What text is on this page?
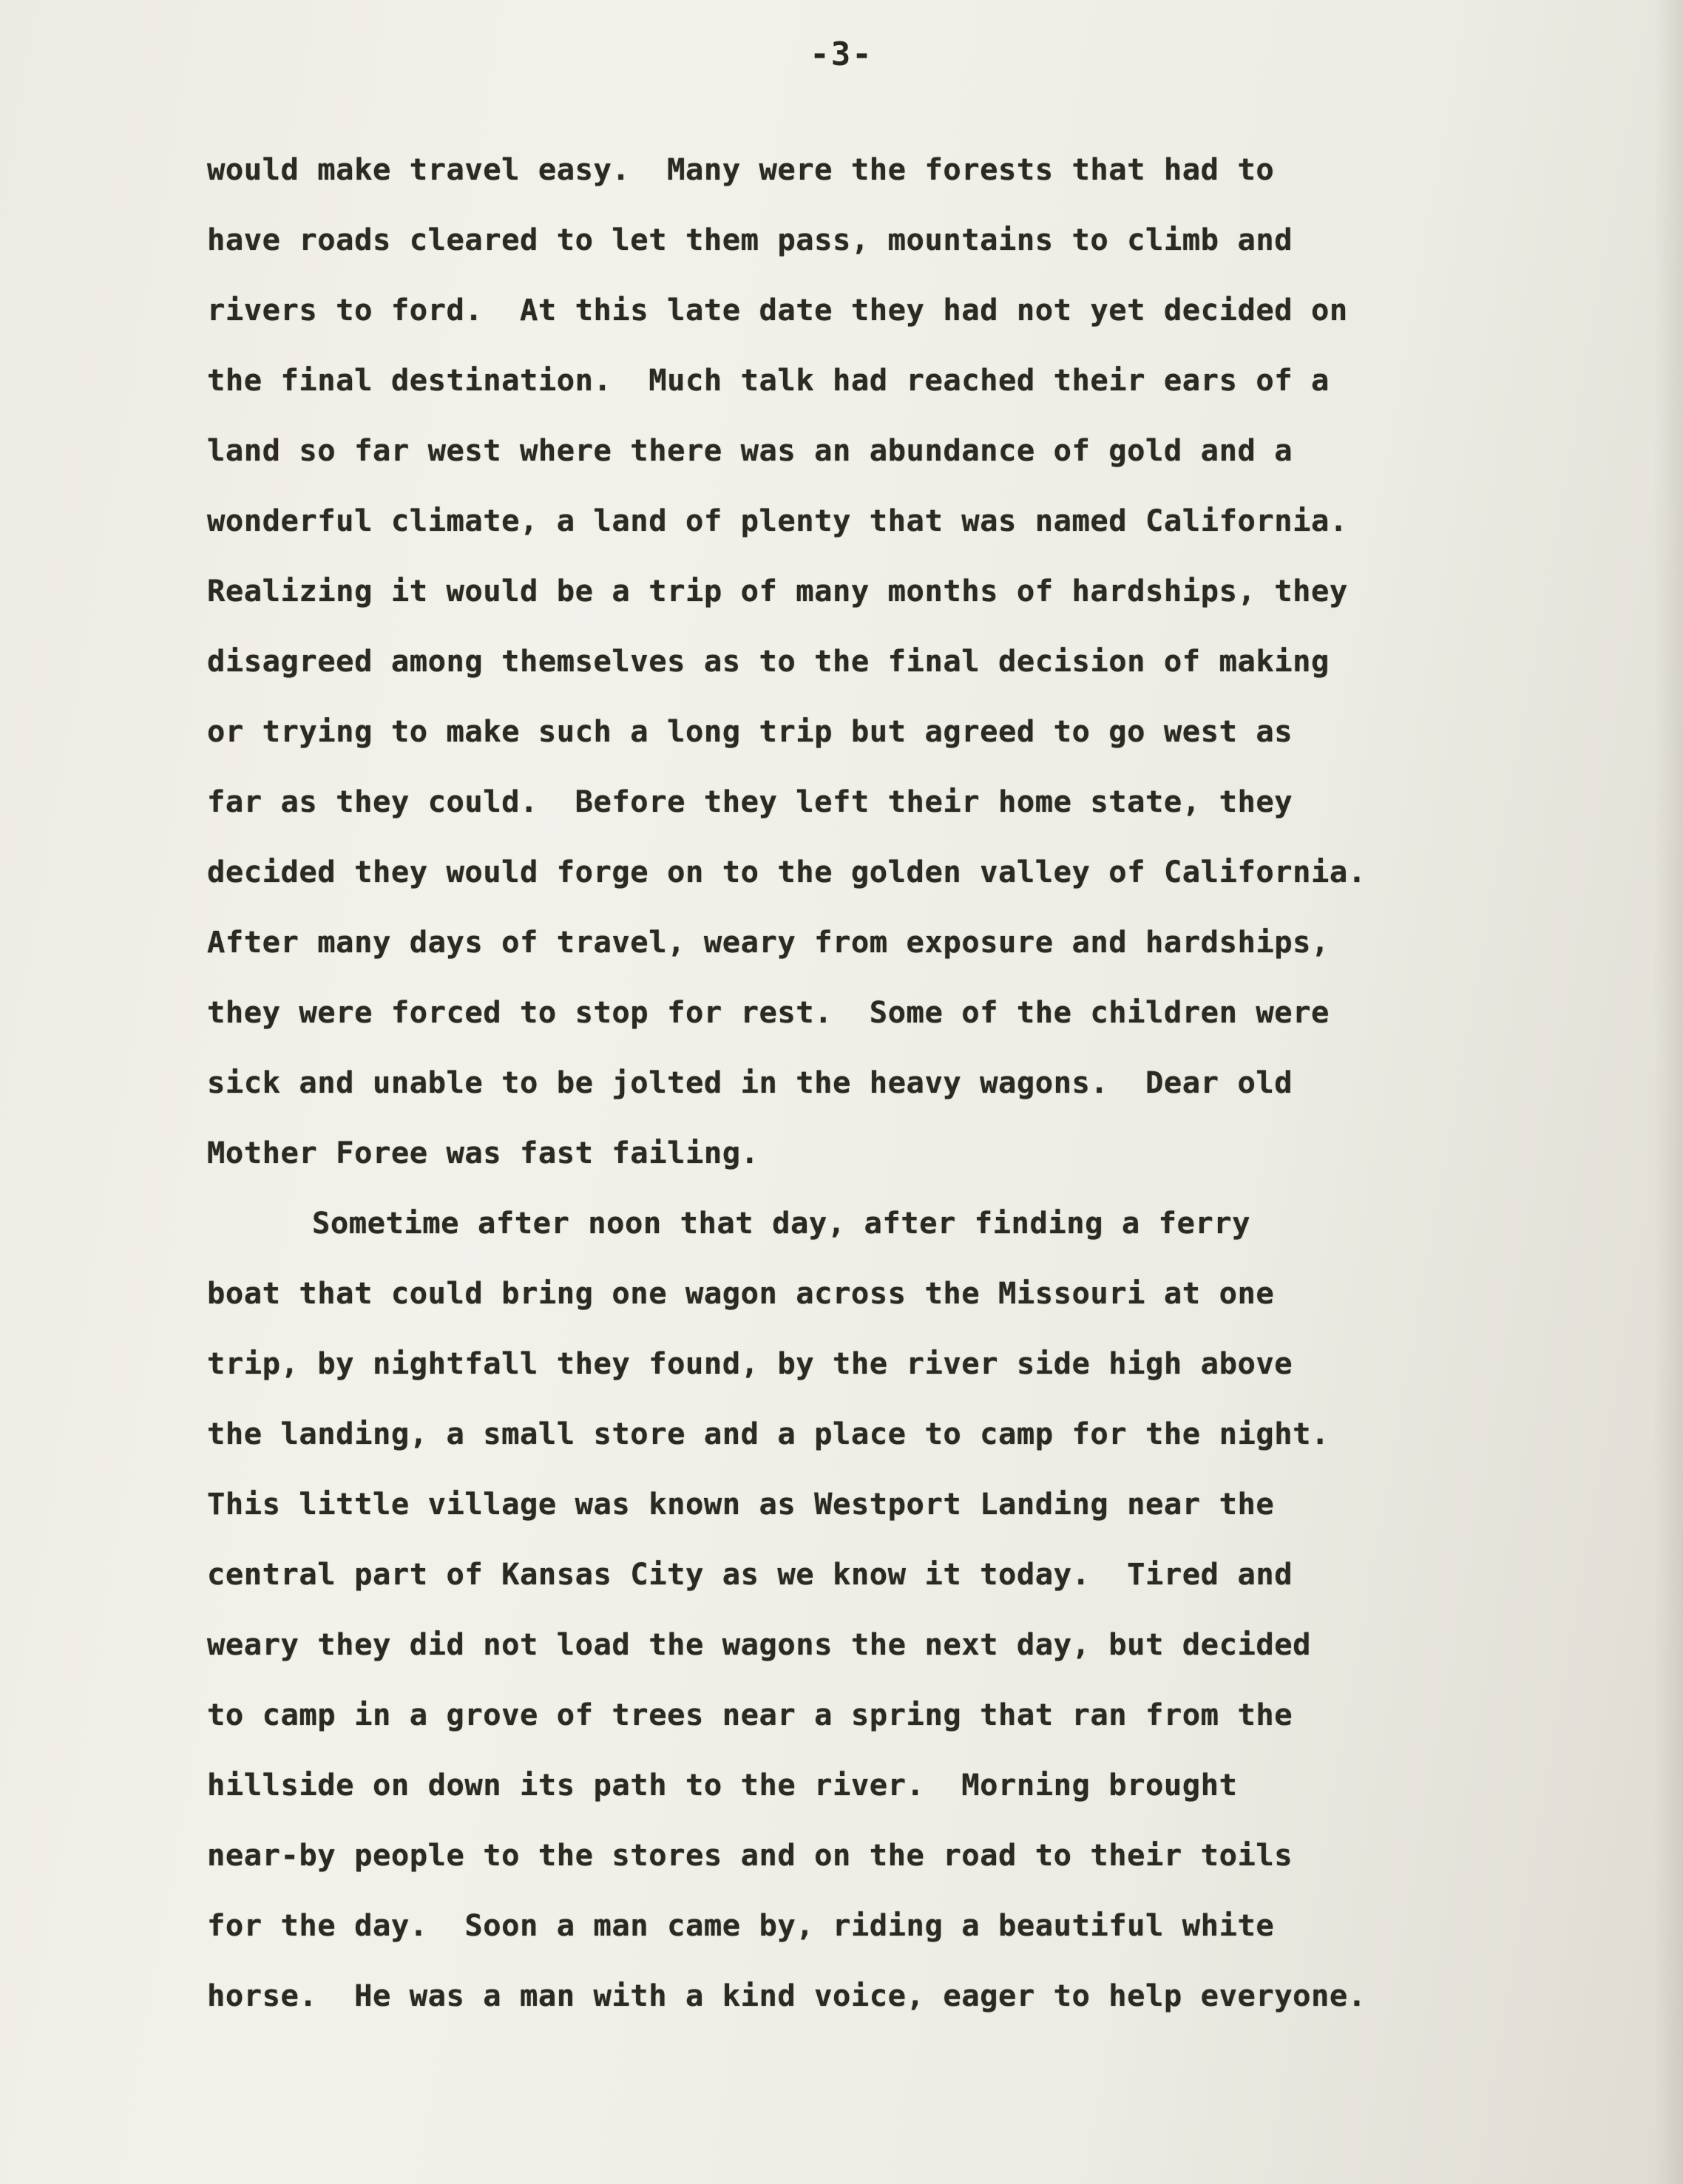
-3-
would make travel easy.  Many were the forests that had to
have roads cleared to let them pass, mountains to climb and
rivers to ford.  At this late date they had not yet decided on
the final destination.  Much talk had reached their ears of a
land so far west where there was an abundance of gold and a
wonderful climate, a land of plenty that was named California.
Realizing it would be a trip of many months of hardships, they
disagreed among themselves as to the final decision of making
or trying to make such a long trip but agreed to go west as
far as they could.  Before they left their home state, they
decided they would forge on to the golden valley of California.
After many days of travel, weary from exposure and hardships,
they were forced to stop for rest.  Some of the children were
sick and unable to be jolted in the heavy wagons.  Dear old
Mother Foree was fast failing.
Sometime after noon that day, after finding a ferry
boat that could bring one wagon across the Missouri at one
trip, by nightfall they found, by the river side high above
the landing, a small store and a place to camp for the night.
This little village was known as Westport Landing near the
central part of Kansas City as we know it today.  Tired and
weary they did not load the wagons the next day, but decided
to camp in a grove of trees near a spring that ran from the
hillside on down its path to the river.  Morning brought
near-by people to the stores and on the road to their toils
for the day.  Soon a man came by, riding a beautiful white
horse.  He was a man with a kind voice, eager to help everyone.
